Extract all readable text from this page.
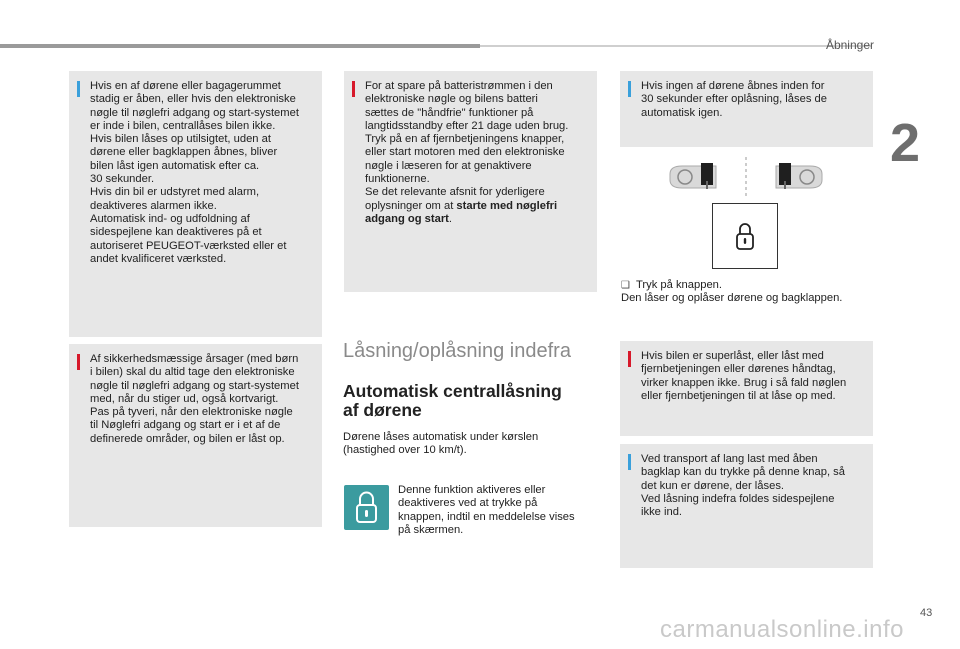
Åbninger
2
Hvis en af dørene eller bagagerummet
stadig er åben, eller hvis den elektroniske
nøgle til nøglefri adgang og start-systemet
er inde i bilen, centrallåses bilen ikke.
Hvis bilen låses op utilsigtet, uden at
dørene eller bagklappen åbnes, bliver
bilen låst igen automatisk efter ca.
30 sekunder.
Hvis din bil er udstyret med alarm,
deaktiveres alarmen ikke.
Automatisk ind- og udfoldning af
sidespejlene kan deaktiveres på et
autoriseret PEUGEOT-værksted eller et
andet kvalificeret værksted.
Af sikkerhedsmæssige årsager (med børn
i bilen) skal du altid tage den elektroniske
nøgle til nøglefri adgang og start-systemet
med, når du stiger ud, også kortvarigt.
Pas på tyveri, når den elektroniske nøgle
til Nøglefri adgang og start er i et af de
definerede områder, og bilen er låst op.
For at spare på batteristrømmen i den
elektroniske nøgle og bilens batteri
sættes de "håndfrie" funktioner på
langtidsstandby efter 21 dage uden brug.
Tryk på en af fjernbetjeningens knapper,
eller start motoren med den elektroniske
nøgle i læseren for at genaktivere
funktionerne.
Se det relevante afsnit for yderligere
oplysninger om at starte med nøglefri
adgang og start.
Låsning/oplåsning indefra
Automatisk centrallåsning
af dørene
Dørene låses automatisk under kørslen
(hastighed over 10 km/t).
Denne funktion aktiveres eller
deaktiveres ved at trykke på
knappen, indtil en meddelelse vises
på skærmen.
Hvis ingen af dørene åbnes inden for
30 sekunder efter oplåsning, låses de
automatisk igen.
❑ Tryk på knappen.
Den låser og oplåser dørene og bagklappen.
Hvis bilen er superlåst, eller låst med
fjernbetjeningen eller dørenes håndtag,
virker knappen ikke. Brug i så fald nøglen
eller fjernbetjeningen til at låse op med.
Ved transport af lang last med åben
bagklap kan du trykke på denne knap, så
det kun er dørene, der låses.
Ved låsning indefra foldes sidespejlene
ikke ind.
43
carmanualsonline.info
